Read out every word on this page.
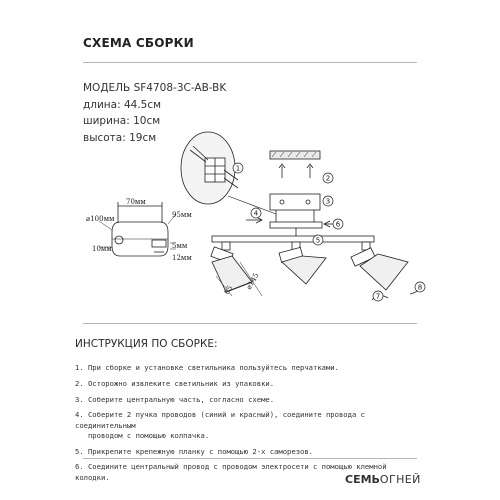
СХЕМА СБОРКИ
МОДЕЛЬ SF4708-3C-AB-BK
длина: 44.5см
ширина: 10см
высота: 19см
70мм
95мм
⌀100мм
10мм	5мм
12мм
85 ⌀145
1
2
3
4
5
6
7
8
ИНСТРУКЦИЯ ПО СБОРКЕ:
1. При сборке и установке светильника пользуйтесь перчатками.
2. Осторожно извлеките светильник из упаковки.
3. Соберите центральную часть, согласно схеме.
4. Соберите 2 пучка проводов (синий и красный), соедините провода с соединительным
проводом с помощью колпачка.
5. Прикрепите крепежную планку с помощью 2-х саморезов.
6. Соедините центральный провод с проводом электросети с помощью клемной колодки.	СЕМЬОГНЕЙ
